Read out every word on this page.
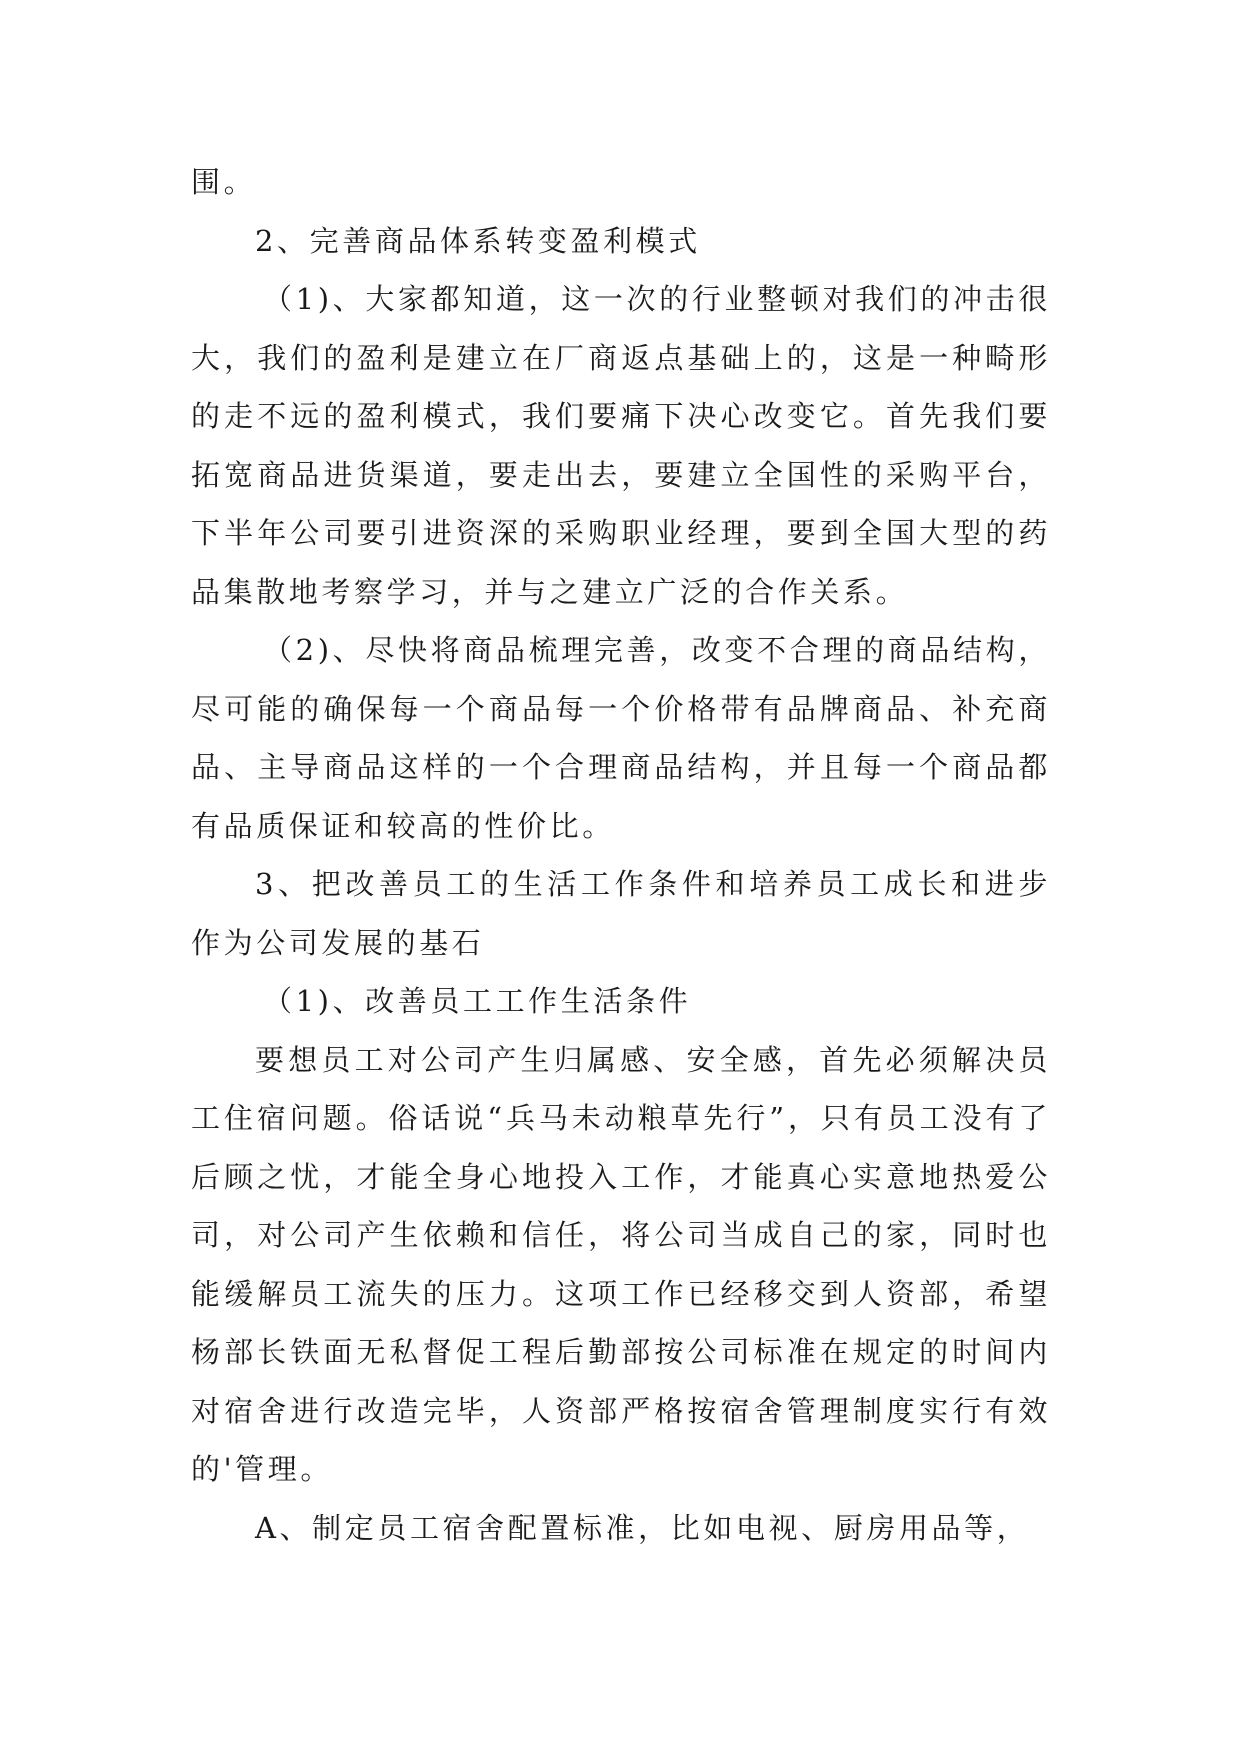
围。

2、完善商品体系转变盈利模式

（1)、大家都知道，这一次的行业整顿对我们的冲击很大，我们的盈利是建立在厂商返点基础上的，这是一种畸形的走不远的盈利模式，我们要痛下决心改变它。首先我们要拓宽商品进货渠道，要走出去，要建立全国性的采购平台，下半年公司要引进资深的采购职业经理，要到全国大型的药品集散地考察学习，并与之建立广泛的合作关系。

（2)、尽快将商品梳理完善，改变不合理的商品结构，尽可能的确保每一个商品每一个价格带有品牌商品、补充商品、主导商品这样的一个合理商品结构，并且每一个商品都有品质保证和较高的性价比。

3、把改善员工的生活工作条件和培养员工成长和进步作为公司发展的基石

（1)、改善员工工作生活条件

要想员工对公司产生归属感、安全感，首先必须解决员工住宿问题。俗话说“兵马未动粮草先行”，只有员工没有了后顾之忧，才能全身心地投入工作，才能真心实意地热爱公司，对公司产生依赖和信任，将公司当成自己的家，同时也能缓解员工流失的压力。这项工作已经移交到人资部，希望杨部长铁面无私督促工程后勤部按公司标准在规定的时间内对宿舍进行改造完毕，人资部严格按宿舍管理制度实行有效的'管理。

A、制定员工宿舍配置标准，比如电视、厨房用品等，
